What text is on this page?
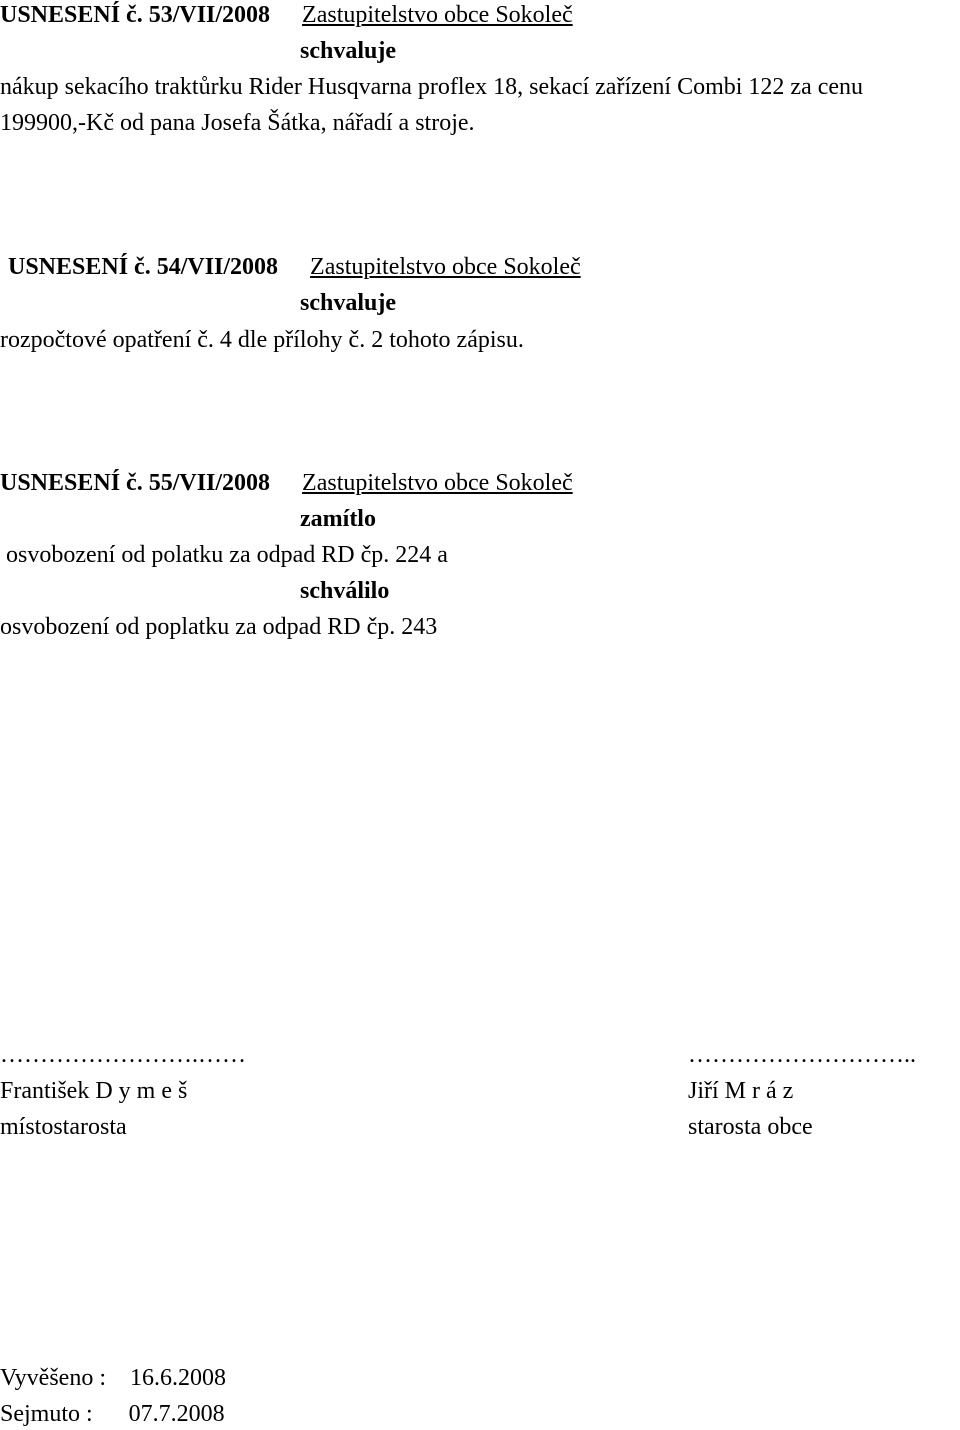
USNESENÍ č. 53/VII/2008 Zastupitelstvo obce Sokoleč
schvaluje
nákup sekacího traktůrku Rider Husqvarna proflex 18, sekací zařízení Combi 122 za cenu
199900,-Kč od pana Josefa Šátka, nářadí a stroje.
USNESENÍ č. 54/VII/2008 Zastupitelstvo obce Sokoleč
schvaluje
rozpočtové opatření č. 4 dle přílohy č. 2 tohoto zápisu.
USNESENÍ č. 55/VII/2008 Zastupitelstvo obce Sokoleč
zamítlo
osvobození od polatku za odpad RD čp. 224 a
schválilo
osvobození od poplatku za odpad RD čp. 243
…………………….……
František D y m e š
místostarosta
………………………..
Jiří M r á z
starosta obce
Vyvěšeno : 16.6.2008
Sejmuto : 07.7.2008
